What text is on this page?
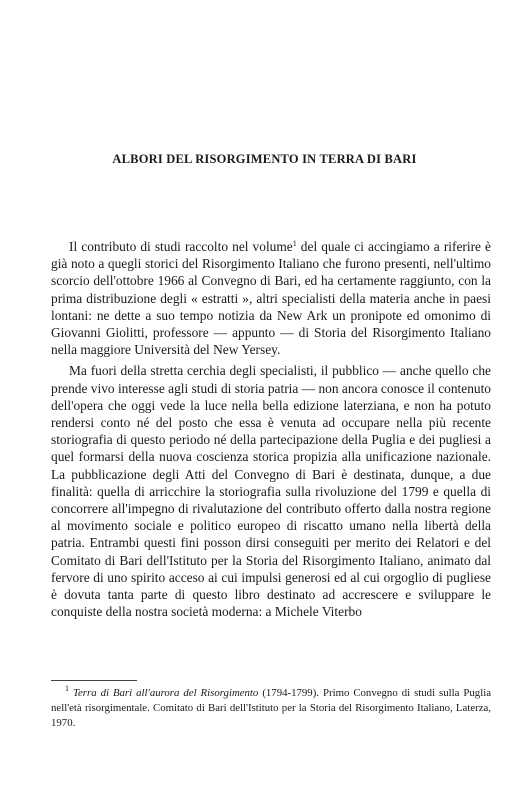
ALBORI DEL RISORGIMENTO IN TERRA DI BARI

Il contributo di studi raccolto nel volume$^1$ del quale ci accingiamo a riferire è già noto a quegli storici del Risorgimento Italiano che furono presenti, nell'ultimo scorcio dell'ottobre 1966 al Convegno di Bari, ed ha certamente raggiunto, con la prima distribuzione degli « estratti », altri specialisti della materia anche in paesi lontani: ne dette a suo tempo notizia da New Ark un pronipote ed omonimo di Giovanni Giolitti, professore — appunto — di Storia del Risorgimento Italiano nella maggiore Università del New Yersey.

Ma fuori della stretta cerchia degli specialisti, il pubblico — anche quello che prende vivo interesse agli studi di storia patria — non ancora conosce il contenuto dell'opera che oggi vede la luce nella bella edizione laterziana, e non ha potuto rendersi conto né del posto che essa è venuta ad occupare nella più recente storiografia di questo periodo né della partecipazione della Puglia e dei pugliesi a quel formarsi della nuova coscienza storica propizia alla unificazione nazionale. La pubblicazione degli Atti del Convegno di Bari è destinata, dunque, a due finalità: quella di arricchire la storiografia sulla rivoluzione del 1799 e quella di concorrere all'impegno di rivalutazione del contributo offerto dalla nostra regione al movimento sociale e politico europeo di riscatto umano nella libertà della patria. Entrambi questi fini posson dirsi conseguiti per merito dei Relatori e del Comitato di Bari dell'Istituto per la Storia del Risorgimento Italiano, animato dal fervore di uno spirito acceso ai cui impulsi generosi ed al cui orgoglio di pugliese è dovuta tanta parte di questo libro destinato ad accrescere e sviluppare le conquiste della nostra società moderna: a Michele Viterbo

$^1$ Terra di Bari all'aurora del Risorgimento (1794-1799). Primo Convegno di studi sulla Puglia nell'età risorgimentale. Comitato di Bari dell'Istituto per la Storia del Risorgimento Italiano, Laterza, 1970.
